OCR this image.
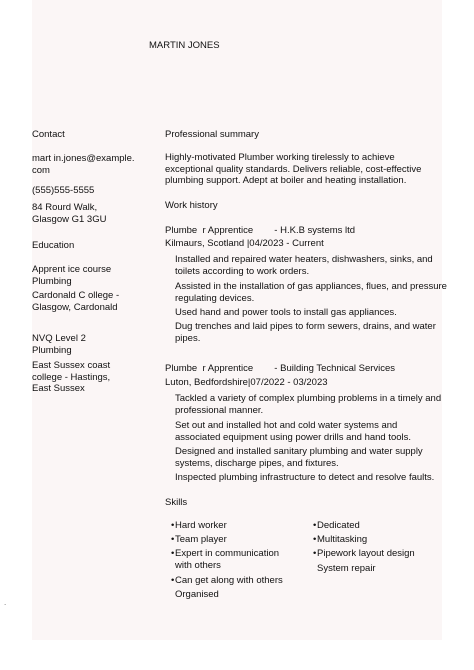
MARTIN JONES
Contact
mart in.jones@example.
com
(555)555-5555
84 Rourd Walk,
Glasgow G1 3GU
Education
Apprent ice course
Plumbing
Cardonald C ollege -
Glasgow, Cardonald
NVQ Level 2
Plumbing
East Sussex coast
college - Hastings,
East Sussex
Professional summary
Highly-motivated Plumber working tirelessly to achieve exceptional quality standards. Delivers reliable, cost-effective plumbing support. Adept at boiler and heating installation.
Work history
Plumbe  r Apprentice        - H.K.B systems ltd
Kilmaurs, Scotland |04/2023 - Current
Installed and repaired water heaters, dishwashers, sinks, and toilets according to work orders.
Assisted in the installation of gas appliances, flues, and pressure regulating devices.
Used hand and power tools to install gas appliances.
Dug trenches and laid pipes to form sewers, drains, and water pipes.
Plumbe  r Apprentice        - Building Technical Services
Luton, Bedfordshire|07/2022 - 03/2023
Tackled a variety of complex plumbing problems in a timely and professional manner.
Set out and installed hot and cold water systems and associated equipment using power drills and hand tools.
Designed and installed sanitary plumbing and water supply systems, discharge pipes, and fixtures.
Inspected plumbing infrastructure to detect and resolve faults.
Skills
• Hard worker
• Team player
• Expert in communication
with others
• Can get along with others
Organised
• Dedicated
• Multitasking
• Pipework layout design
System repair
.
